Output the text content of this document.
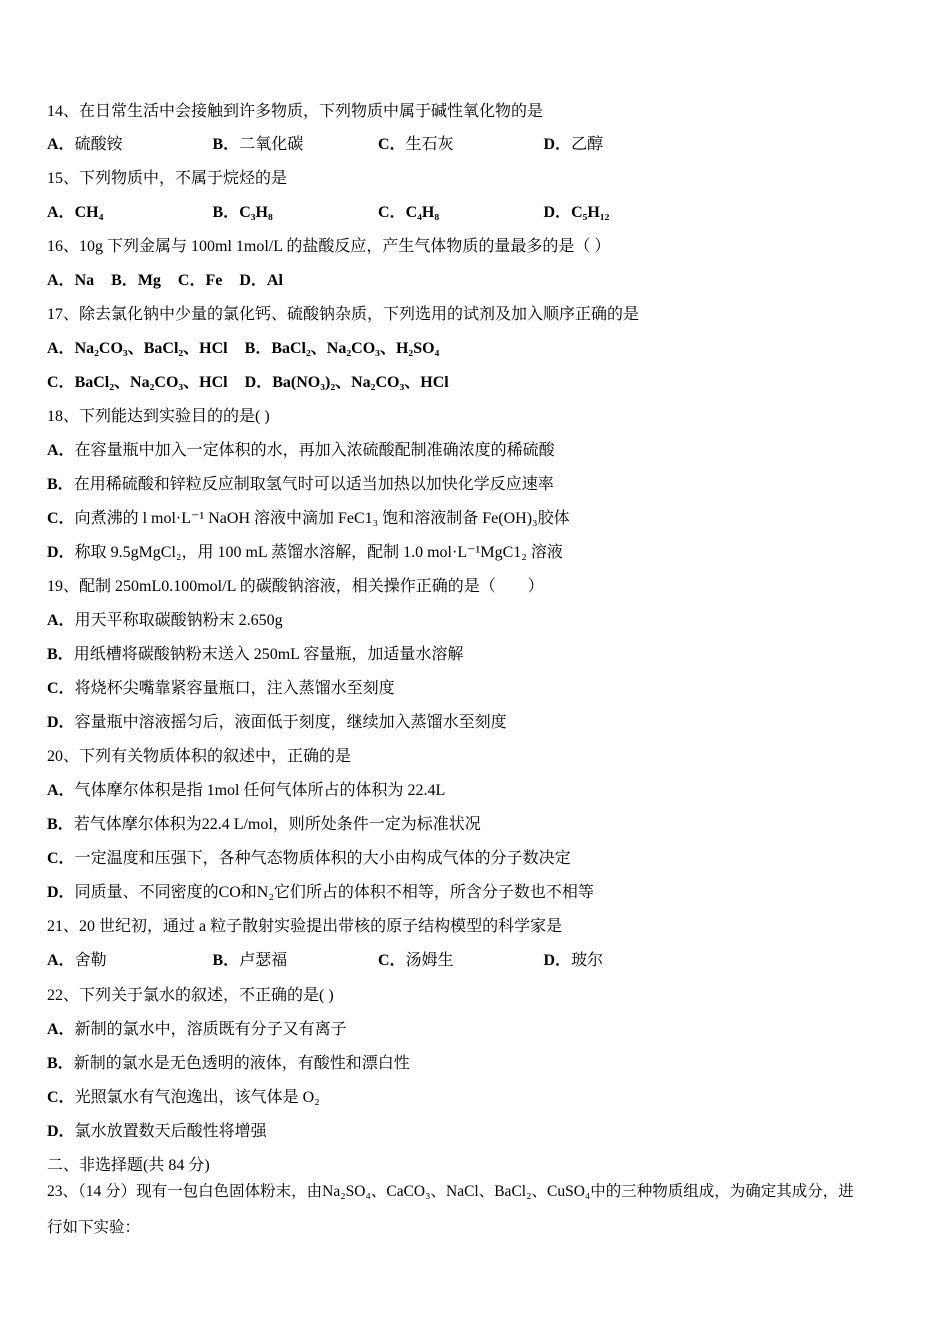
14、在日常生活中会接触到许多物质，下列物质中属于碱性氧化物的是
A．硫酸铵	B．二氧化碳	C．生石灰	D．乙醇
15、下列物质中，不属于烷烃的是
A．CH₄	B．C₃H₈	C．C₄H₈	D．C₅H₁₂
16、10g 下列金属与 100ml 1mol/L 的盐酸反应，产生气体物质的量最多的是（ ）
A．Na B．Mg C．Fe D．Al
17、除去氯化钠中少量的氯化钙、硫酸钠杂质，下列选用的试剂及加入顺序正确的是
A．Na₂CO₃、BaCl₂、HCl B．BaCl₂、Na₂CO₃、H₂SO₄
C．BaCl₂、Na₂CO₃、HCl D．Ba(NO₃)₂、Na₂CO₃、HCl
18、下列能达到实验目的的是( )
A．在容量瓶中加入一定体积的水，再加入浓硫酸配制准确浓度的稀硫酸
B．在用稀硫酸和锌粒反应制取氢气时可以适当加热以加快化学反应速率
C．向煮沸的 l mol·L⁻¹ NaOH 溶液中滴加 FeC1₃ 饱和溶液制备 Fe(OH)₃胶体
D．称取 9.5gMgCl₂，用 100 mL 蒸馏水溶解，配制 1.0 mol·L⁻¹MgC1₂ 溶液
19、配制 250mL0.100mol/L 的碳酸钠溶液，相关操作正确的是（　　）
A．用天平称取碳酸钠粉末 2.650g
B．用纸槽将碳酸钠粉末送入 250mL 容量瓶，加适量水溶解
C．将烧杯尖嘴靠紧容量瓶口，注入蒸馏水至刻度
D．容量瓶中溶液摇匀后，液面低于刻度，继续加入蒸馏水至刻度
20、下列有关物质体积的叙述中，正确的是
A．气体摩尔体积是指 1mol 任何气体所占的体积为 22.4L
B．若气体摩尔体积为22.4 L/mol，则所处条件一定为标准状况
C．一定温度和压强下，各种气态物质体积的大小由构成气体的分子数决定
D．同质量、不同密度的CO和N₂它们所占的体积不相等，所含分子数也不相等
21、20 世纪初，通过 a 粒子散射实验提出带核的原子结构模型的科学家是
A．舍勒	B．卢瑟福	C．汤姆生	D．玻尔
22、下列关于氯水的叙述，不正确的是( )
A．新制的氯水中，溶质既有分子又有离子
B．新制的氯水是无色透明的液体，有酸性和漂白性
C．光照氯水有气泡逸出，该气体是 O₂
D．氯水放置数天后酸性将增强
二、非选择题(共 84 分)
23、（14 分）现有一包白色固体粉末，由Na₂SO₄、CaCO₃、NaCl、BaCl₂、CuSO₄中的三种物质组成，为确定其成分，进
行如下实验：
